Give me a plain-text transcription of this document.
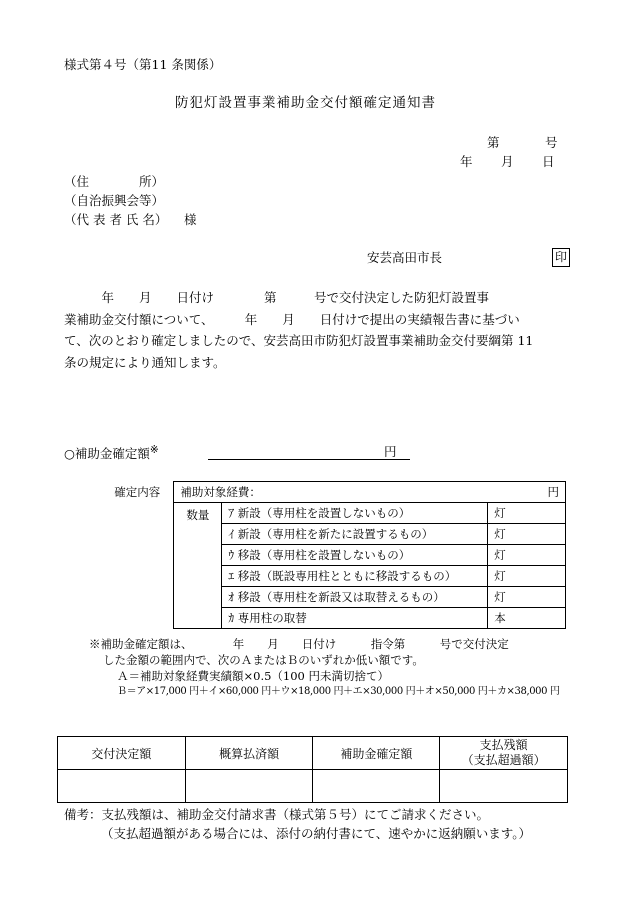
様式第４号（第11 条関係）
防犯灯設置事業補助金交付額確定通知書
第	号
年 月 日
（住　　　　所）
（自治振興会等）
（代 表 者 氏 名） 様
安芸高田市長	印
　　　年　　月　　日付け　　　　第　　　号で交付決定した防犯灯設置事
業補助金交付額について、　　　年　　月　　日付けで提出の実績報告書に基づい
て、次のとおり確定しましたので、安芸高田市防犯灯設置事業補助金交付要綱第 11
条の規定により通知します。
○補助金確定額※	円
確定内容	補助対象経費：		円
	数量	ｱ 新設（専用柱を設置しないもの）	灯
		ｲ 新設（専用柱を新たに設置するもの）	灯
		ｳ 移設（専用柱を設置しないもの）	灯
		ｴ 移設（既設専用柱とともに移設するもの）	灯
		ｵ 移設（専用柱を新設又は取替えるもの）	灯
		ｶ 専用柱の取替	本
※補助金確定額は、　　　　年　　月　　日付け　　　指令第　　　号で交付決定
した金額の範囲内で、次のＡまたはＢのいずれか低い額です。
Ａ＝補助対象経費実績額×0.5（100 円未満切捨て）
Ｂ＝ア×17,000 円＋イ×60,000 円＋ウ×18,000 円＋エ×30,000 円＋オ×50,000 円＋カ×38,000 円
交付決定額	概算払済額	補助金確定額	支払残額
（支払超過額）

備考：支払残額は、補助金交付請求書（様式第５号）にてご請求ください。
（支払超過額がある場合には、添付の納付書にて、速やかに返納願います。）
